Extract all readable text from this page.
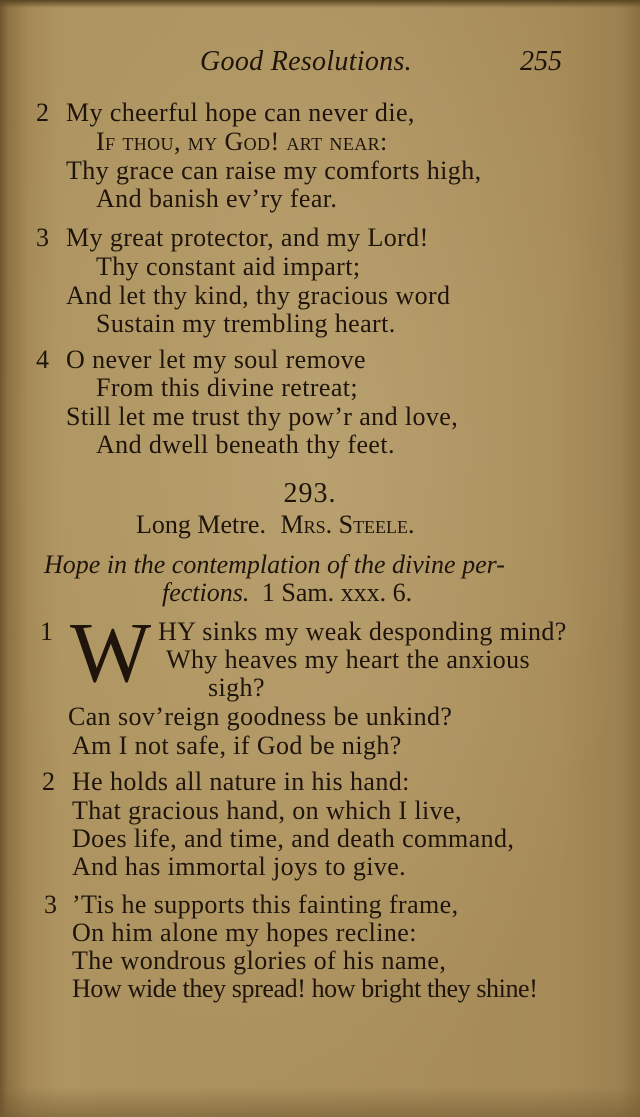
Good Resolutions.	255
2 My cheerful hope can never die,
If thou, my God! art near:
Thy grace can raise my comforts high,
And banish ev’ry fear.
3 My great protector, and my Lord!
Thy constant aid impart;
And let thy kind, thy gracious word
Sustain my trembling heart.
4 O never let my soul remove
From this divine retreat;
Still let me trust thy pow’r and love,
And dwell beneath thy feet.
293.
Long Metre. Mrs. Steele.
Hope in the contemplation of the divine per-
fections. 1 Sam. xxx. 6.
1 W HY sinks my weak desponding mind?
Why heaves my heart the anxious
sigh?
Can sov’reign goodness be unkind?
Am I not safe, if God be nigh?
2 He holds all nature in his hand:
That gracious hand, on which I live,
Does life, and time, and death command,
And has immortal joys to give.
3 ’Tis he supports this fainting frame,
On him alone my hopes recline:
The wondrous glories of his name,
How wide they spread! how bright they shine!
